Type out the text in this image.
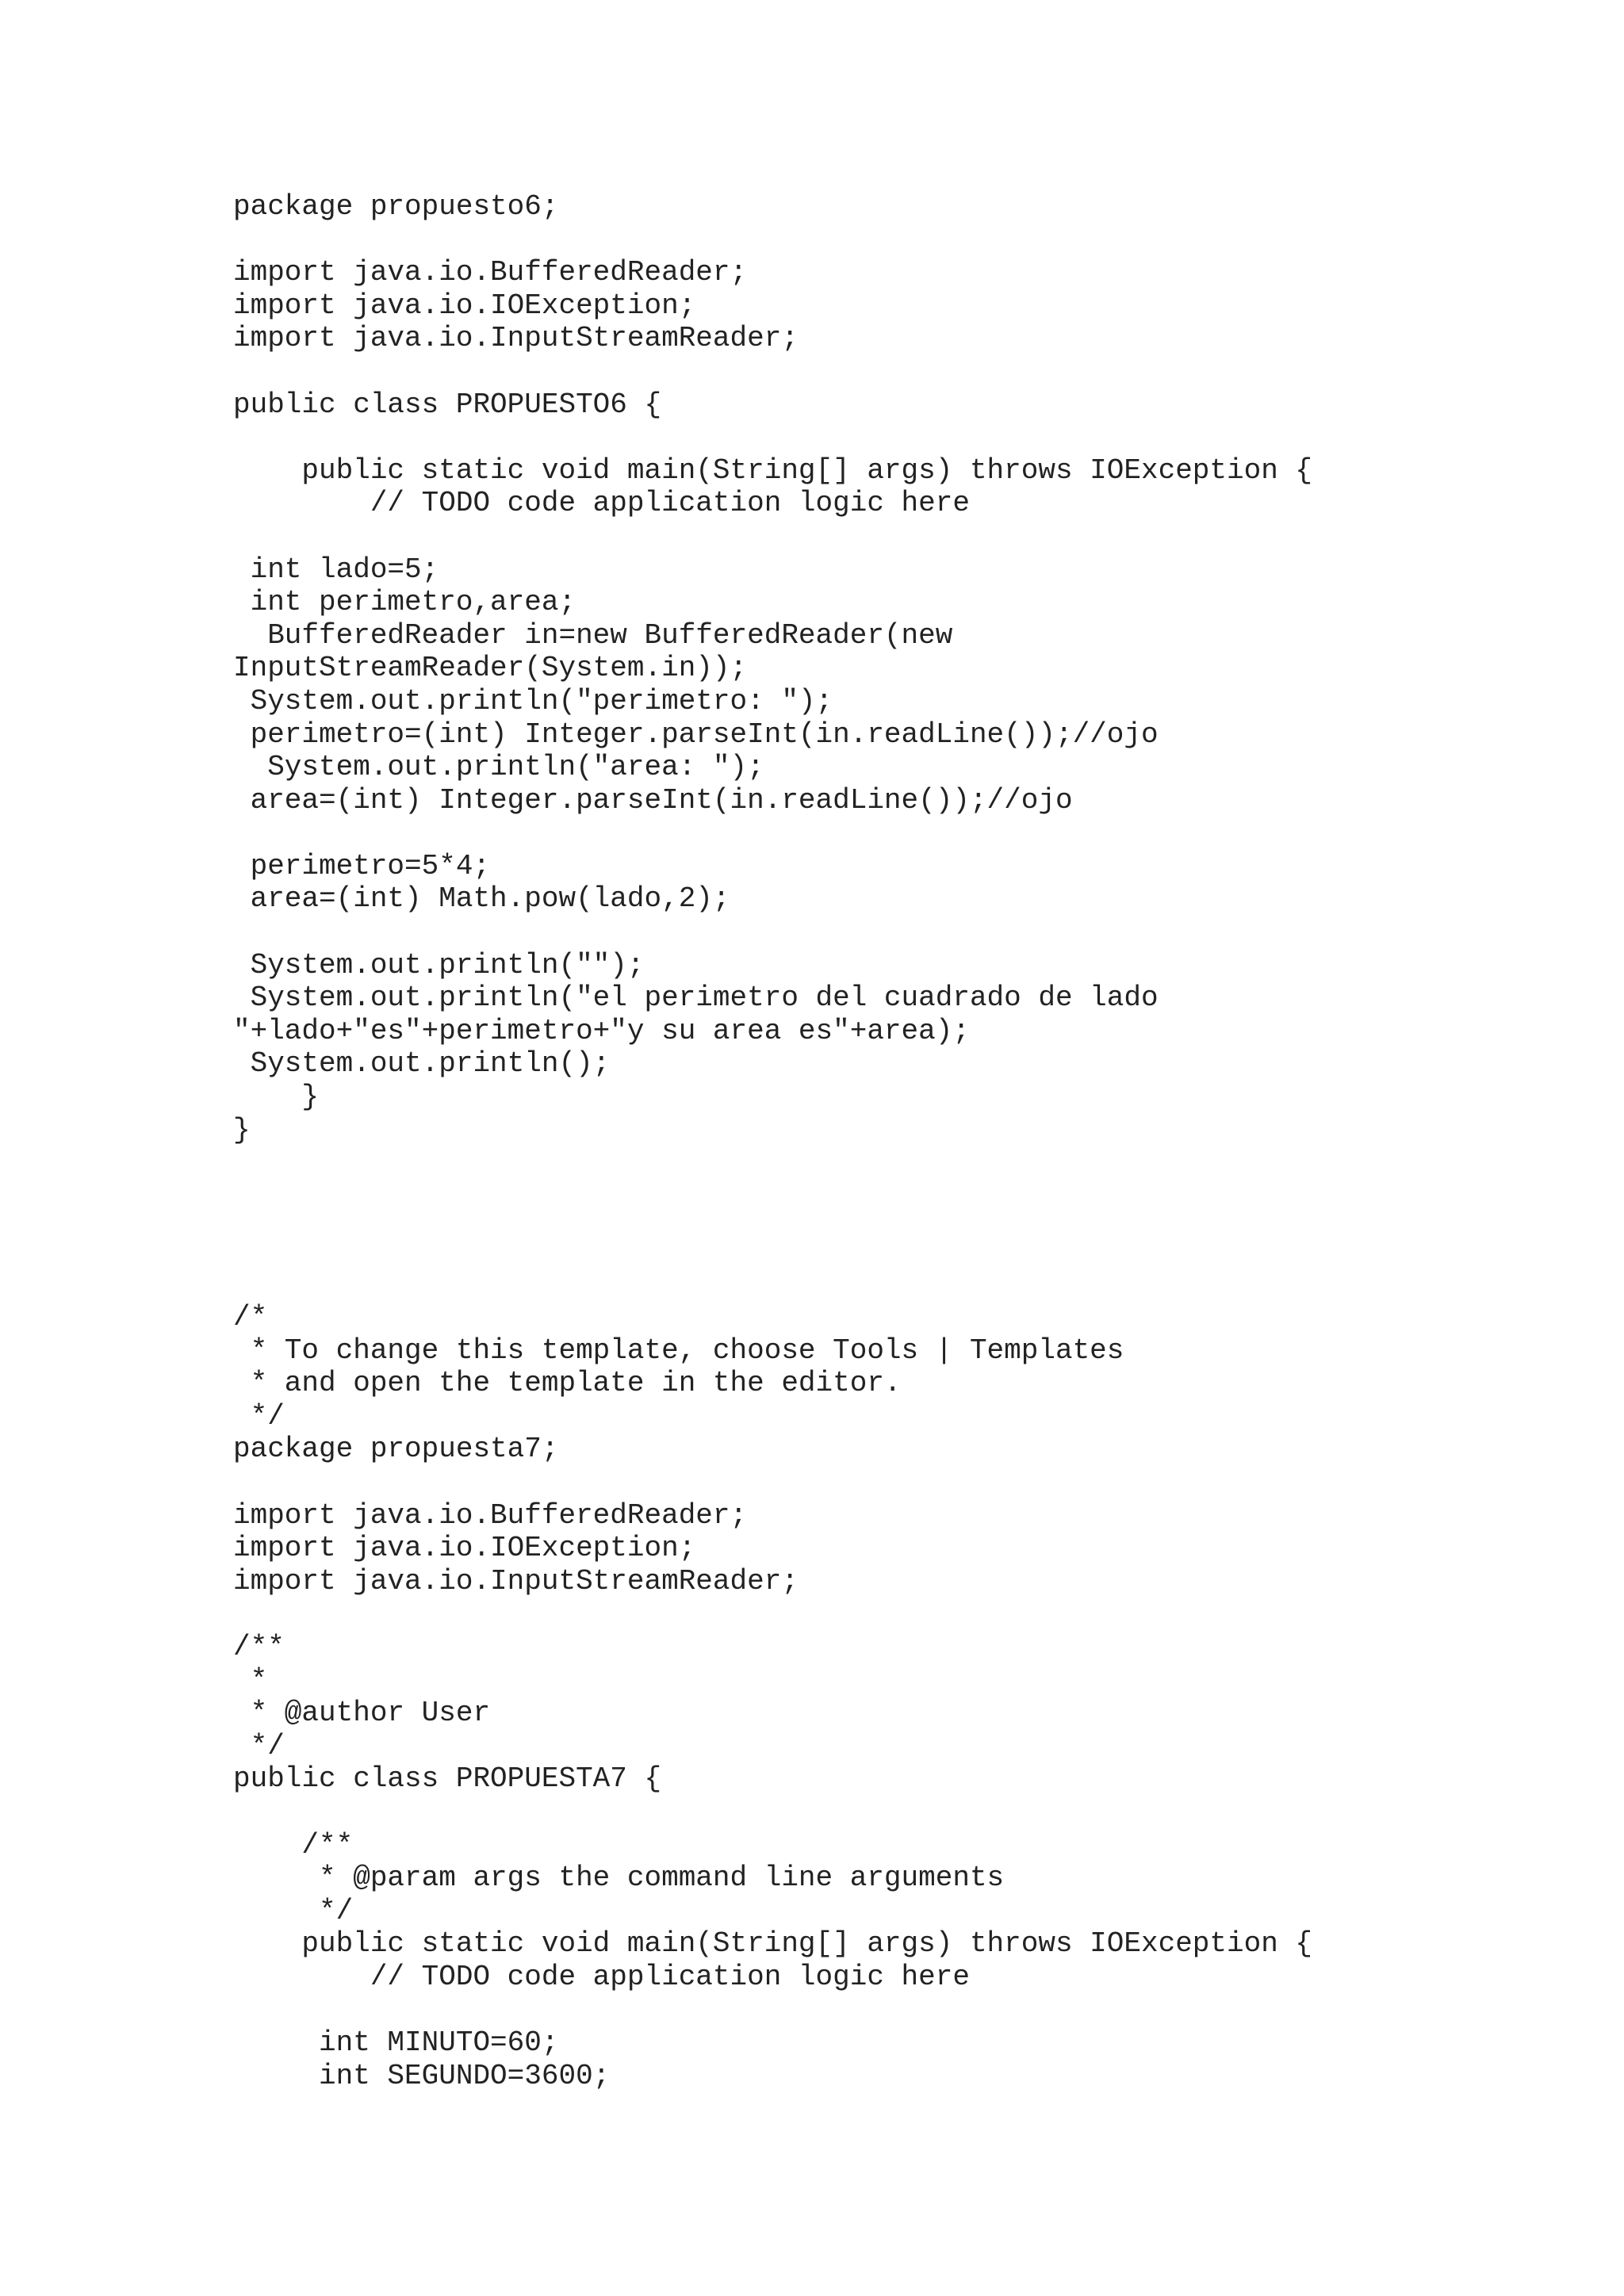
package propuesto6;

import java.io.BufferedReader;
import java.io.IOException;
import java.io.InputStreamReader;

public class PROPUESTO6 {

public static void main(String[] args) throws IOException {
// TODO code application logic here

int lado=5;
int perimetro,area;
BufferedReader in=new BufferedReader(new
InputStreamReader(System.in));
System.out.println("perimetro: ");
perimetro=(int) Integer.parseInt(in.readLine());//ojo
System.out.println("area: ");
area=(int) Integer.parseInt(in.readLine());//ojo

perimetro=5*4;
area=(int) Math.pow(lado,2);

System.out.println("");
System.out.println("el perimetro del cuadrado de lado
"+lado+"es"+perimetro+"y su area es"+area);
System.out.println();
}
}
/*
* To change this template, choose Tools | Templates
* and open the template in the editor.
*/
package propuesta7;

import java.io.BufferedReader;
import java.io.IOException;
import java.io.InputStreamReader;

/**
*
* @author User
*/
public class PROPUESTA7 {

/**
* @param args the command line arguments
*/
public static void main(String[] args) throws IOException {
// TODO code application logic here

int MINUTO=60;
int SEGUNDO=3600;
